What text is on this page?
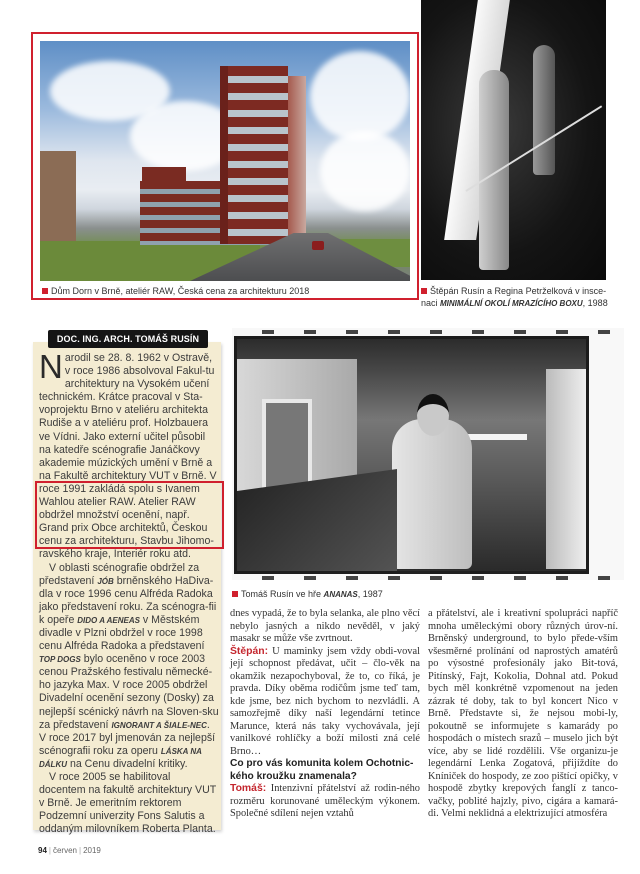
Dům Dorn v Brně, ateliér RAW, Česká cena za architekturu 2018	Štěpán Rusín a Regina Petrželková v insce-naci MINIMÁLNÍ OKOLÍ MRAZÍCÍHO BOXU, 1988
Tomáš Rusín ve hře ANANAS, 1987
DOC. ING. ARCH. TOMÁŠ RUSÍN

Narodil se 28. 8. 1962 v Ostravě, v roce 1986 absolvoval Fakul-tu architektury na Vysokém učení technickém. Krátce pracoval v Sta-voprojektu Brno v ateliéru architekta Rudiše a v ateliéru prof. Holzbauera ve Vídni. Jako externí učitel působil na katedře scénografie Janáčkovy akademie múzických umění v Brně a na Fakultě architektury VUT v Brně. V roce 1991 zakládá spolu s Ivanem Wahlou atelier RAW. Atelier RAW obdržel množství ocenění, např. Grand prix Obce architektů, Českou cenu za architekturu, Stavbu Jihomo-ravského kraje, Interiér roku atd.

V oblasti scénografie obdržel za představení JÓB brněnského HaDiva-dla v roce 1996 cenu Alfréda Radoka jako představení roku. Za scénogra-fii k opeře DIDO A AENEAS v Městském divadle v Plzni obdržel v roce 1998 cenu Alfréda Radoka a představení TOP DOGS bylo oceněno v roce 2003 cenou Pražského festivalu německé-ho jazyka Max. V roce 2005 obdržel Divadelní ocenění sezony (Dosky) za nejlepší scénický návrh na Sloven-sku za představení IGNORANT A ŠIALE-NEC. V roce 2017 byl jmenován za nejlepší scénografii roku za operu LÁSKA NA DÁLKU na Cenu divadelní kritiky.

V roce 2005 se habilitoval docentem na fakultě architektury VUT v Brně. Je emeritním rektorem Podzemní univerzity Fons Salutis a oddaným milovníkem Roberta Planta.

dnes vypadá, že to byla selanka, ale plno věcí nebylo jasných a nikdo nevěděl, v jaký masakr se může vše zvrtnout.

Štěpán: U maminky jsem vždy obdi-voval její schopnost předávat, učit – člo-věk na okamžik nezapochyboval, že to, co říká, je pravda. Díky oběma rodičům jsme teď tam, kde jsme, bez nich bychom to nezvládli. A samozřejmě díky naší legendární tetince Marunce, která nás taky vychovávala, její vanilkové rohlíčky a boží milosti zná celé Brno…

Co pro vás komunita kolem Ochotnic-kého kroužku znamenala?

Tomáš: Intenzivní přátelství až rodin-ného rozměru korunované uměleckým výkonem. Společné sdílení nejen vztahů

a přátelství, ale i kreativní spolupráci napříč mnoha uměleckými obory různých úrov-ní. Brněnský underground, to bylo přede-vším všesměrné prolínání od naprostých amatérů po výsostné profesionály jako Bit-tová, Pitínský, Fajt, Kokolia, Dohnal atd. Pokud bych měl konkrétně vzpomenout na jeden zázrak té doby, tak to byl koncert Nico v Brně. Představte si, že nejsou mobi-ly, pokoutně se informujete s kamarády po hospodách o místech srazů – muselo jich být více, aby se lidé rozdělili. Vše organizu-je legendární Lenka Zogatová, přijíždíte do Kníniček do hospody, ze zoo pištící opičky, v hospodě zbytky krepových fanglí z tanco-vačky, poblité hajzly, pivo, cigára a kamará-di. Velmi neklidná a elektrizující atmosféra

94 | červen | 2019
